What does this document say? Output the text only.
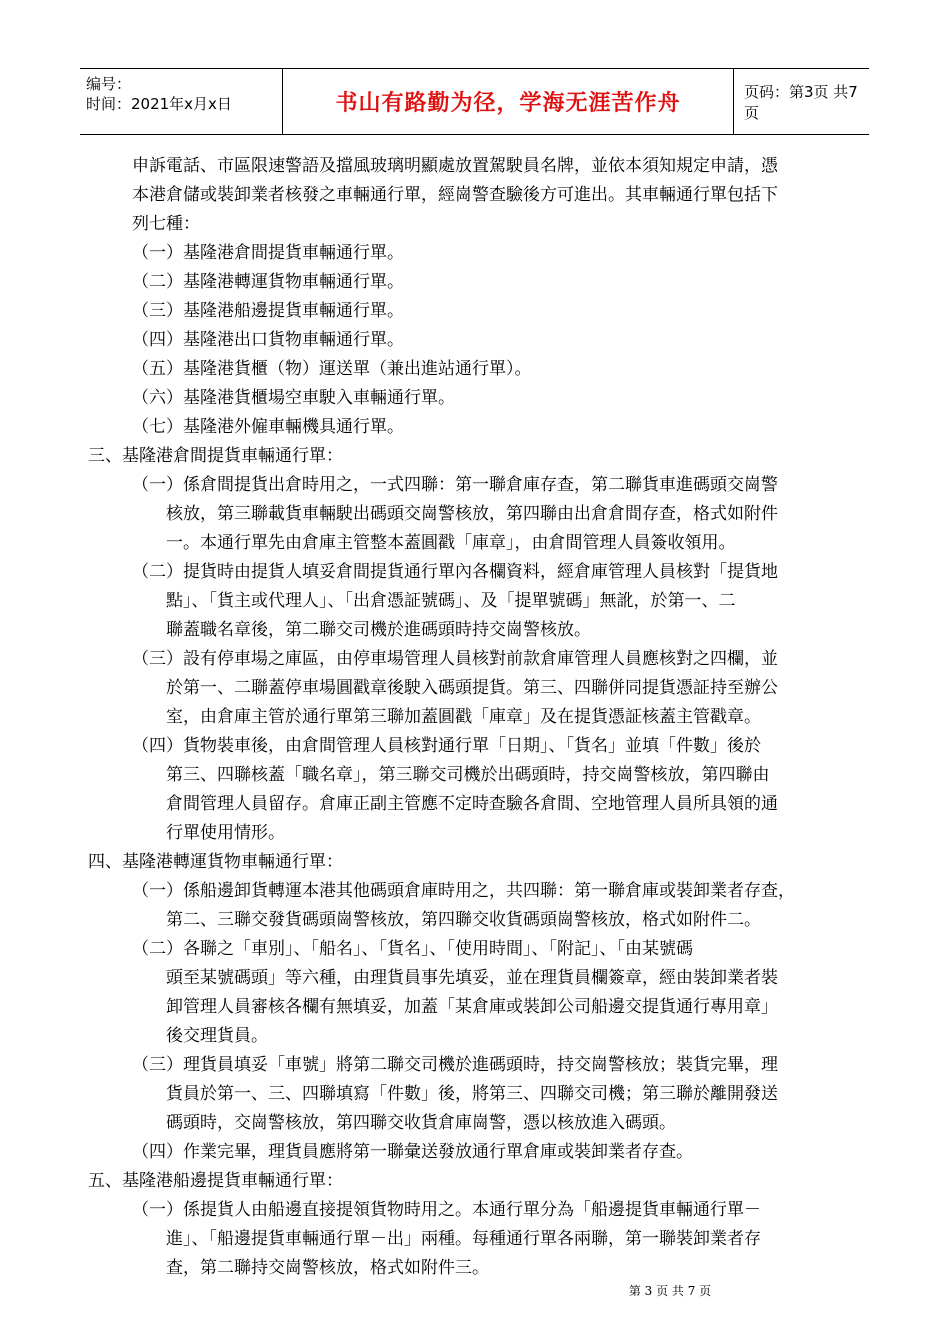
编号：
时间：2021年x月x日	书山有路勤为径，学海无涯苦作舟	页码：第3页 共7页
申訴電話、市區限速警語及擋風玻璃明顯處放置駕駛員名牌，並依本須知規定申請，憑
本港倉儲或裝卸業者核發之車輛通行單，經崗警查驗後方可進出。其車輛通行單包括下
列七種：
（一）基隆港倉間提貨車輛通行單。
（二）基隆港轉運貨物車輛通行單。
（三）基隆港船邊提貨車輛通行單。
（四）基隆港出口貨物車輛通行單。
（五）基隆港貨櫃（物）運送單（兼出進站通行單）。
（六）基隆港貨櫃場空車駛入車輛通行單。
（七）基隆港外僱車輛機具通行單。
三、基隆港倉間提貨車輛通行單：
（一）係倉間提貨出倉時用之，一式四聯：第一聯倉庫存查，第二聯貨車進碼頭交崗警
核放，第三聯載貨車輛駛出碼頭交崗警核放，第四聯由出倉倉間存查，格式如附件
一。本通行單先由倉庫主管整本蓋圓戳「庫章」，由倉間管理人員簽收領用。
（二）提貨時由提貨人填妥倉間提貨通行單內各欄資料，經倉庫管理人員核對「提貨地
點」、「貨主或代理人」、「出倉憑証號碼」、及「提單號碼」無訛，於第一、二
聯蓋職名章後，第二聯交司機於進碼頭時持交崗警核放。
（三）設有停車場之庫區，由停車場管理人員核對前款倉庫管理人員應核對之四欄，並
於第一、二聯蓋停車場圓戳章後駛入碼頭提貨。第三、四聯併同提貨憑証持至辦公
室，由倉庫主管於通行單第三聯加蓋圓戳「庫章」及在提貨憑証核蓋主管戳章。
（四）貨物裝車後，由倉間管理人員核對通行單「日期」、「貨名」並填「件數」後於
第三、四聯核蓋「職名章」，第三聯交司機於出碼頭時，持交崗警核放，第四聯由
倉間管理人員留存。倉庫正副主管應不定時查驗各倉間、空地管理人員所具領的通
行單使用情形。
四、基隆港轉運貨物車輛通行單：
（一）係船邊卸貨轉運本港其他碼頭倉庫時用之，共四聯：第一聯倉庫或裝卸業者存查，
第二、三聯交發貨碼頭崗警核放，第四聯交收貨碼頭崗警核放，格式如附件二。
（二）各聯之「車別」、「船名」、「貨名」、「使用時間」、「附記」、「由某號碼
頭至某號碼頭」等六種，由理貨員事先填妥，並在理貨員欄簽章，經由裝卸業者裝
卸管理人員審核各欄有無填妥，加蓋「某倉庫或裝卸公司船邊交提貨通行專用章」
後交理貨員。
（三）理貨員填妥「車號」將第二聯交司機於進碼頭時，持交崗警核放；裝貨完畢，理
貨員於第一、三、四聯填寫「件數」後，將第三、四聯交司機；第三聯於離開發送
碼頭時，交崗警核放，第四聯交收貨倉庫崗警，憑以核放進入碼頭。
（四）作業完畢，理貨員應將第一聯彙送發放通行單倉庫或裝卸業者存查。
五、基隆港船邊提貨車輛通行單：
（一）係提貨人由船邊直接提領貨物時用之。本通行單分為「船邊提貨車輛通行單－
進」、「船邊提貨車輛通行單－出」兩種。每種通行單各兩聯，第一聯裝卸業者存
查，第二聯持交崗警核放，格式如附件三。
第 3 页 共 7 页
